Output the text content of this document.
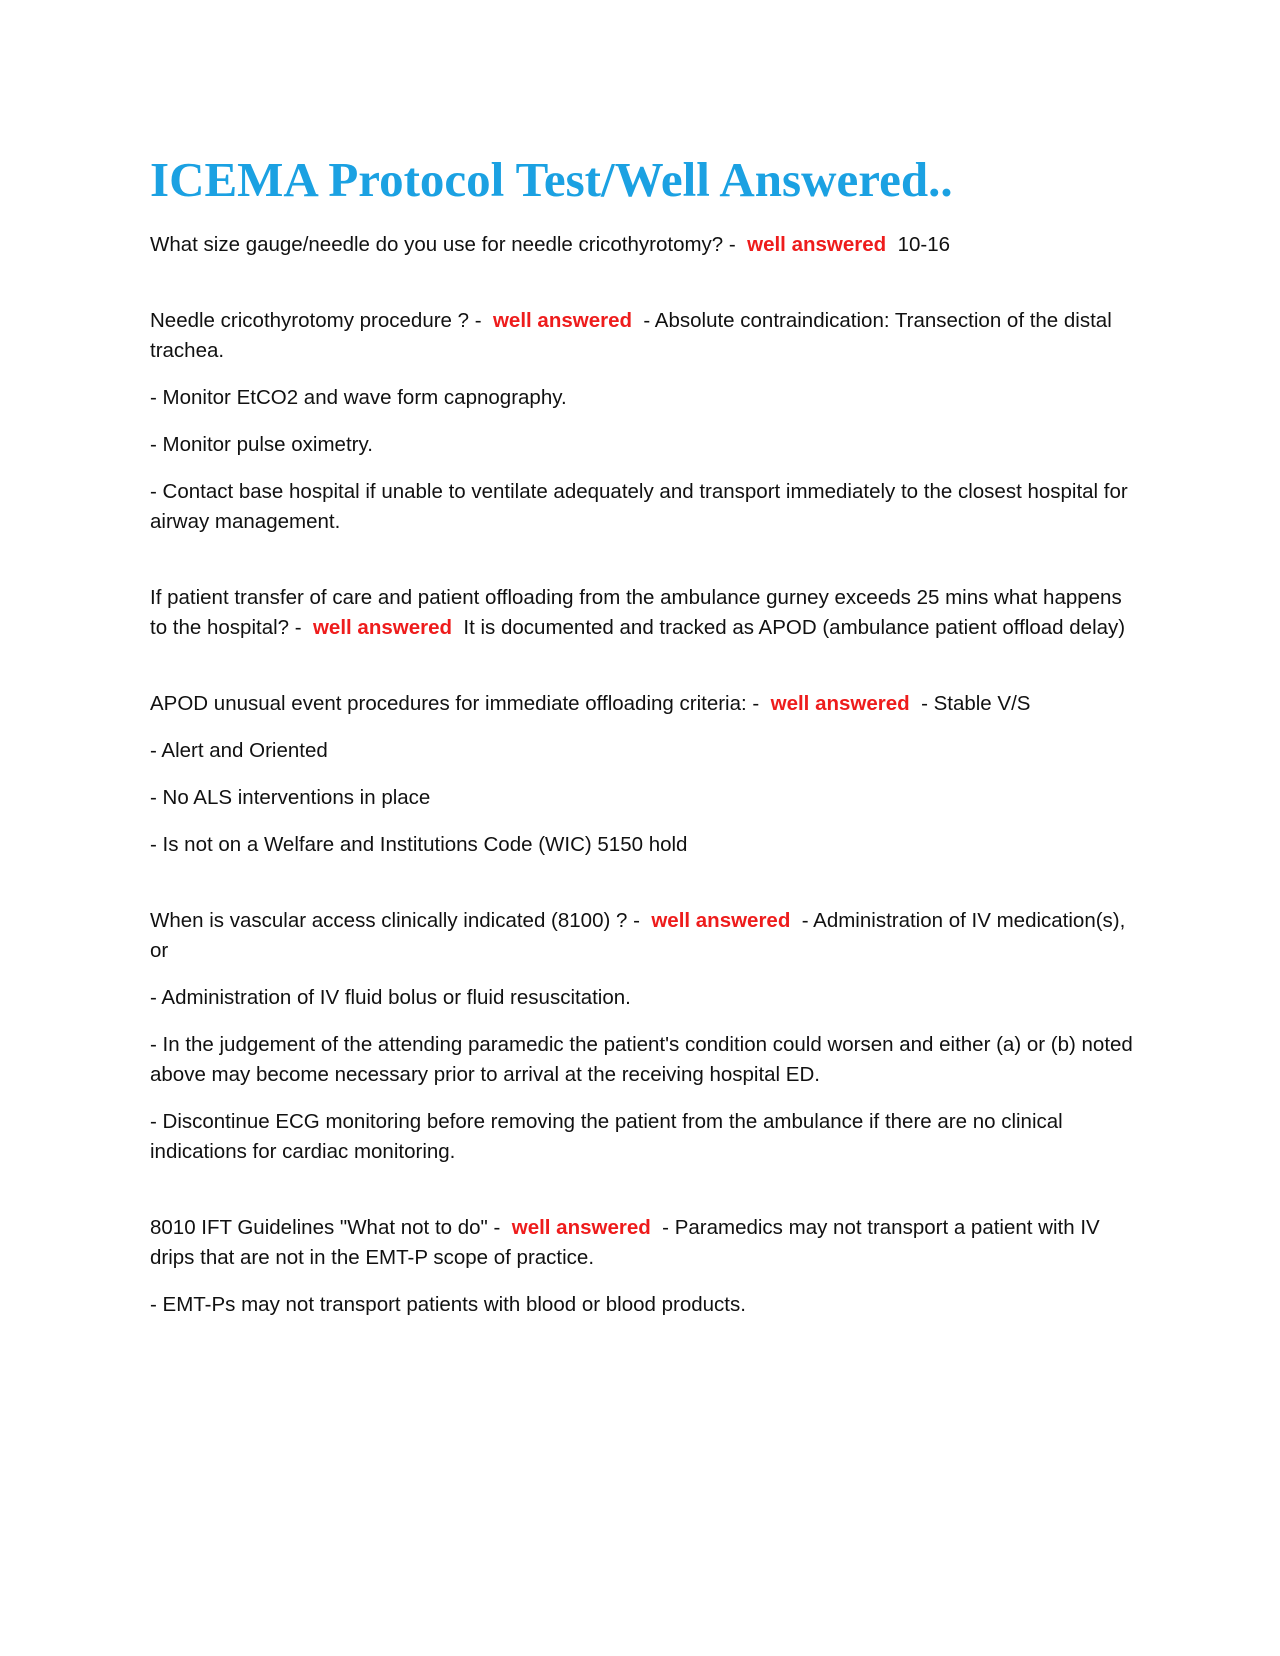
ICEMA Protocol Test/Well Answered..

What size gauge/needle do you use for needle cricothyrotomy? - well answered 10-16

Needle cricothyrotomy procedure ? - well answered - Absolute contraindication: Transection of the distal trachea.

- Monitor EtCO2 and wave form capnography.

- Monitor pulse oximetry.

- Contact base hospital if unable to ventilate adequately and transport immediately to the closest hospital for airway management.

If patient transfer of care and patient offloading from the ambulance gurney exceeds 25 mins what happens to the hospital? - well answered It is documented and tracked as APOD (ambulance patient offload delay)

APOD unusual event procedures for immediate offloading criteria: - well answered - Stable V/S

- Alert and Oriented

- No ALS interventions in place

- Is not on a Welfare and Institutions Code (WIC) 5150 hold

When is vascular access clinically indicated (8100) ? - well answered - Administration of IV medication(s), or

- Administration of IV fluid bolus or fluid resuscitation.

- In the judgement of the attending paramedic the patient's condition could worsen and either (a) or (b) noted above may become necessary prior to arrival at the receiving hospital ED.

- Discontinue ECG monitoring before removing the patient from the ambulance if there are no clinical indications for cardiac monitoring.

8010 IFT Guidelines "What not to do" - well answered - Paramedics may not transport a patient with IV drips that are not in the EMT-P scope of practice.

- EMT-Ps may not transport patients with blood or blood products.
